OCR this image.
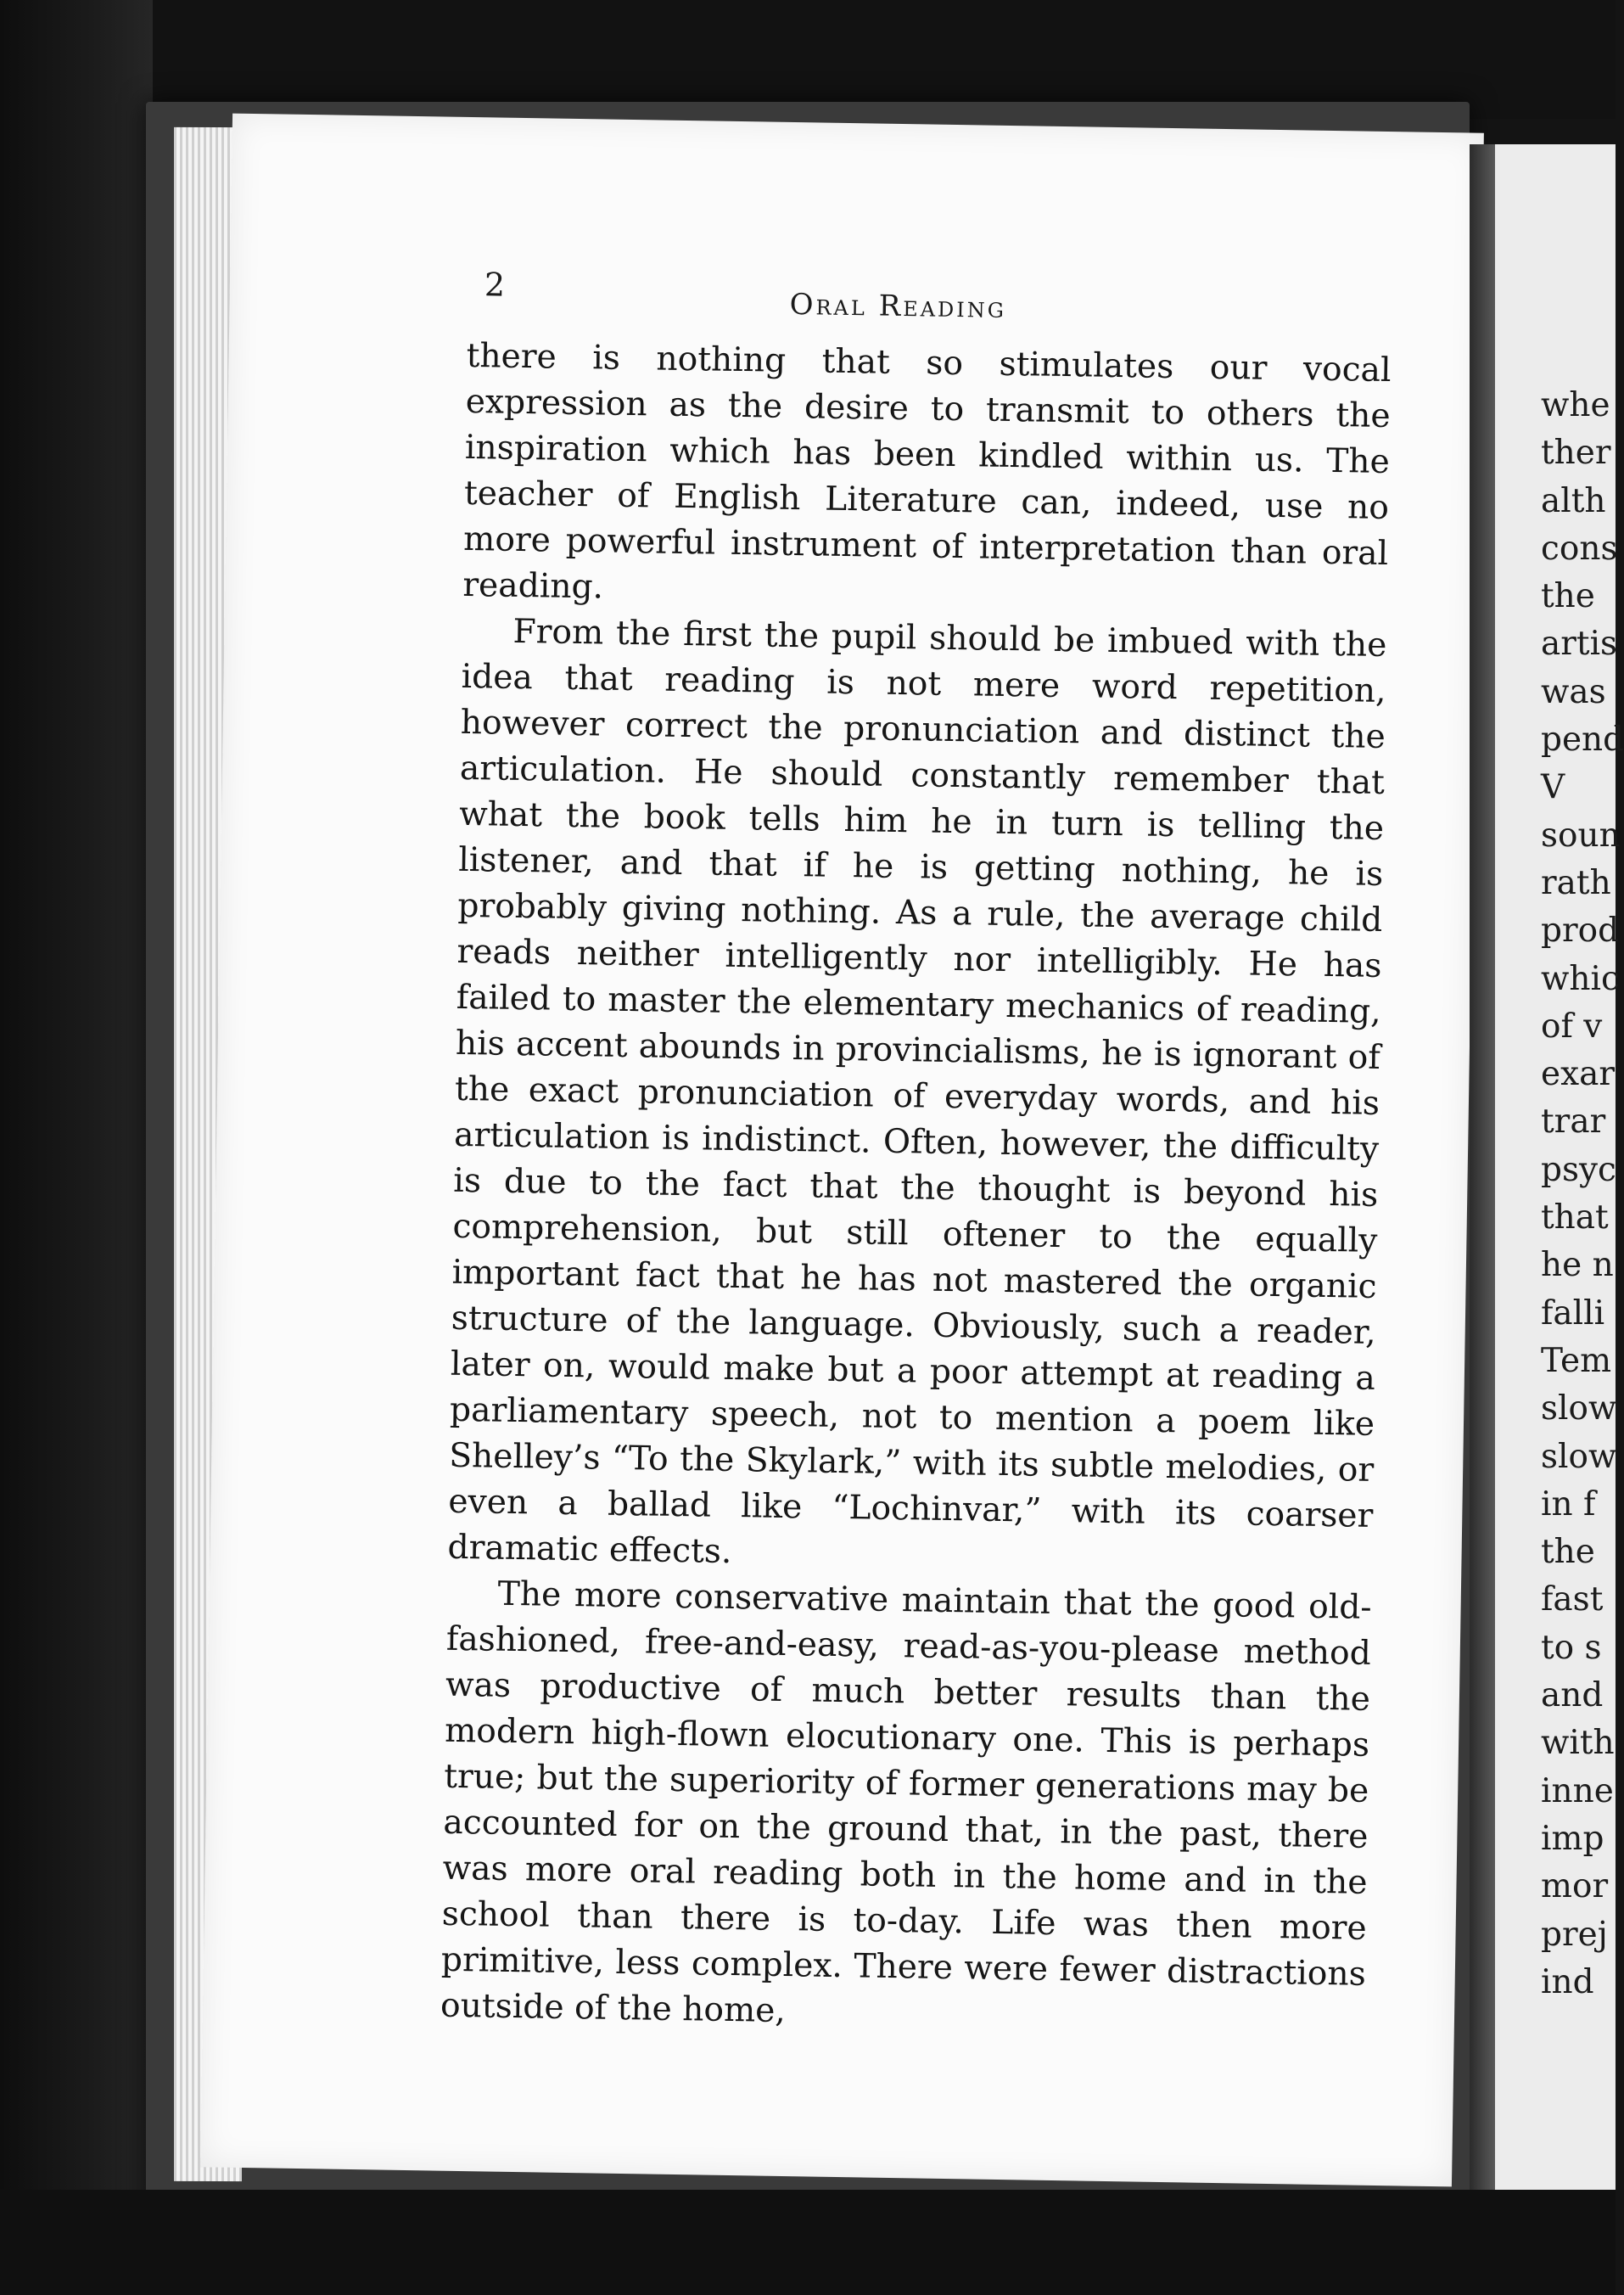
2

Oral Reading

there is nothing that so stimulates our vocal expression as the desire to transmit to others the inspiration which has been kindled within us. The teacher of English Literature can, indeed, use no more powerful instrument of interpretation than oral reading.

From the first the pupil should be imbued with the idea that reading is not mere word repetition, however correct the pronunciation and distinct the articulation. He should constantly remember that what the book tells him he in turn is telling the listener, and that if he is getting nothing, he is probably giving nothing. As a rule, the average child reads neither intelligently nor intelligibly. He has failed to master the elementary mechanics of reading, his accent abounds in provincialisms, he is ignorant of the exact pronunciation of everyday words, and his articulation is indistinct. Often, however, the difficulty is due to the fact that the thought is beyond his comprehension, but still oftener to the equally important fact that he has not mastered the organic structure of the language. Obviously, such a reader, later on, would make but a poor attempt at reading a parliamentary speech, not to mention a poem like Shelley’s “To the Skylark,” with its subtle melodies, or even a ballad like “Lochinvar,” with its coarser dramatic effects.

The more conservative maintain that the good old-fashioned, free-and-easy, read-as-you-please method was productive of much better results than the modern high-flown elocutionary one. This is perhaps true; but the superiority of former generations may be accounted for on the ground that, in the past, there was more oral reading both in the home and in the school than there is to-day. Life was then more primitive, less complex. There were fewer distractions outside of the home,

whe
ther
alth
cons
the
artis
was
pend
V
soun
rath
prod
whic
of v
exar
trar
psyc
that
he n
falli
Tem
slow
slow
in f
the
fast
to s
and
with
inne
imp
mor
prej
ind
